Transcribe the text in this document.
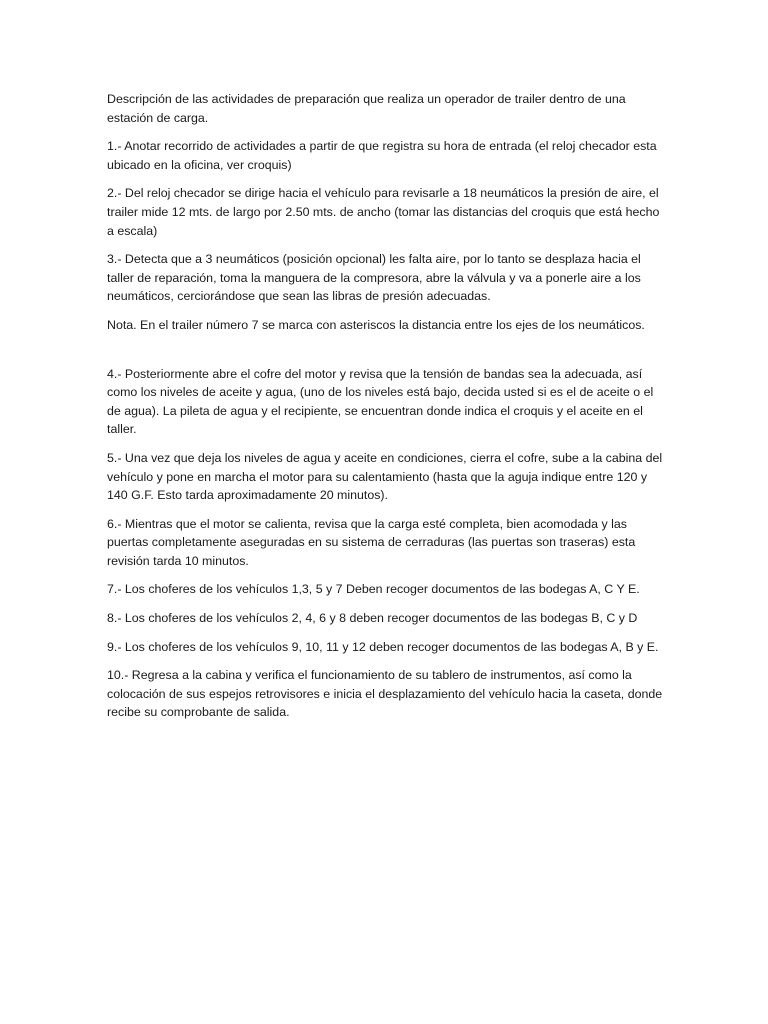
Descripción de las actividades de preparación que realiza un operador de trailer dentro de una estación de carga.

1.- Anotar recorrido de actividades a partir de que registra su hora de entrada (el reloj checador esta ubicado en la oficina, ver croquis)

2.- Del reloj checador se dirige hacia el vehículo para revisarle a 18 neumáticos la presión de aire, el trailer mide 12 mts. de largo por 2.50 mts. de ancho (tomar las distancias del croquis que está hecho a escala)

3.- Detecta que a 3 neumáticos (posición opcional) les falta aire, por lo tanto se desplaza hacia el taller de reparación, toma la manguera de la compresora, abre la válvula y va a ponerle aire a los neumáticos, cerciorándose que sean las libras de presión adecuadas.

Nota. En el trailer número 7 se marca con asteriscos la distancia entre los ejes de los neumáticos.

4.- Posteriormente abre el cofre del motor y revisa que la tensión de bandas sea la adecuada, así como los niveles de aceite y agua, (uno de los niveles está bajo, decida usted si es el de aceite o el de agua). La pileta de agua y el recipiente, se encuentran donde indica el croquis y el aceite en el taller.

5.- Una vez que deja los niveles de agua y aceite en condiciones, cierra el cofre, sube a la cabina del vehículo y pone en marcha el motor para su calentamiento (hasta que la aguja indique entre 120 y 140 G.F. Esto tarda aproximadamente 20 minutos).

6.- Mientras que el motor se calienta, revisa que la carga esté completa, bien acomodada y las puertas completamente aseguradas en su sistema de cerraduras (las puertas son traseras) esta revisión tarda 10 minutos.

7.- Los choferes de los vehículos 1,3, 5 y 7 Deben recoger documentos de las bodegas A, C Y E.

8.- Los choferes de los vehículos 2, 4, 6 y 8 deben recoger documentos de las bodegas B, C y D

9.- Los choferes de los vehículos 9, 10, 11 y 12 deben recoger documentos de las bodegas A, B y E.

10.- Regresa a la cabina y verifica el funcionamiento de su tablero de instrumentos, así como la colocación de sus espejos retrovisores e inicia el desplazamiento del vehículo hacia la caseta, donde recibe su comprobante de salida.
